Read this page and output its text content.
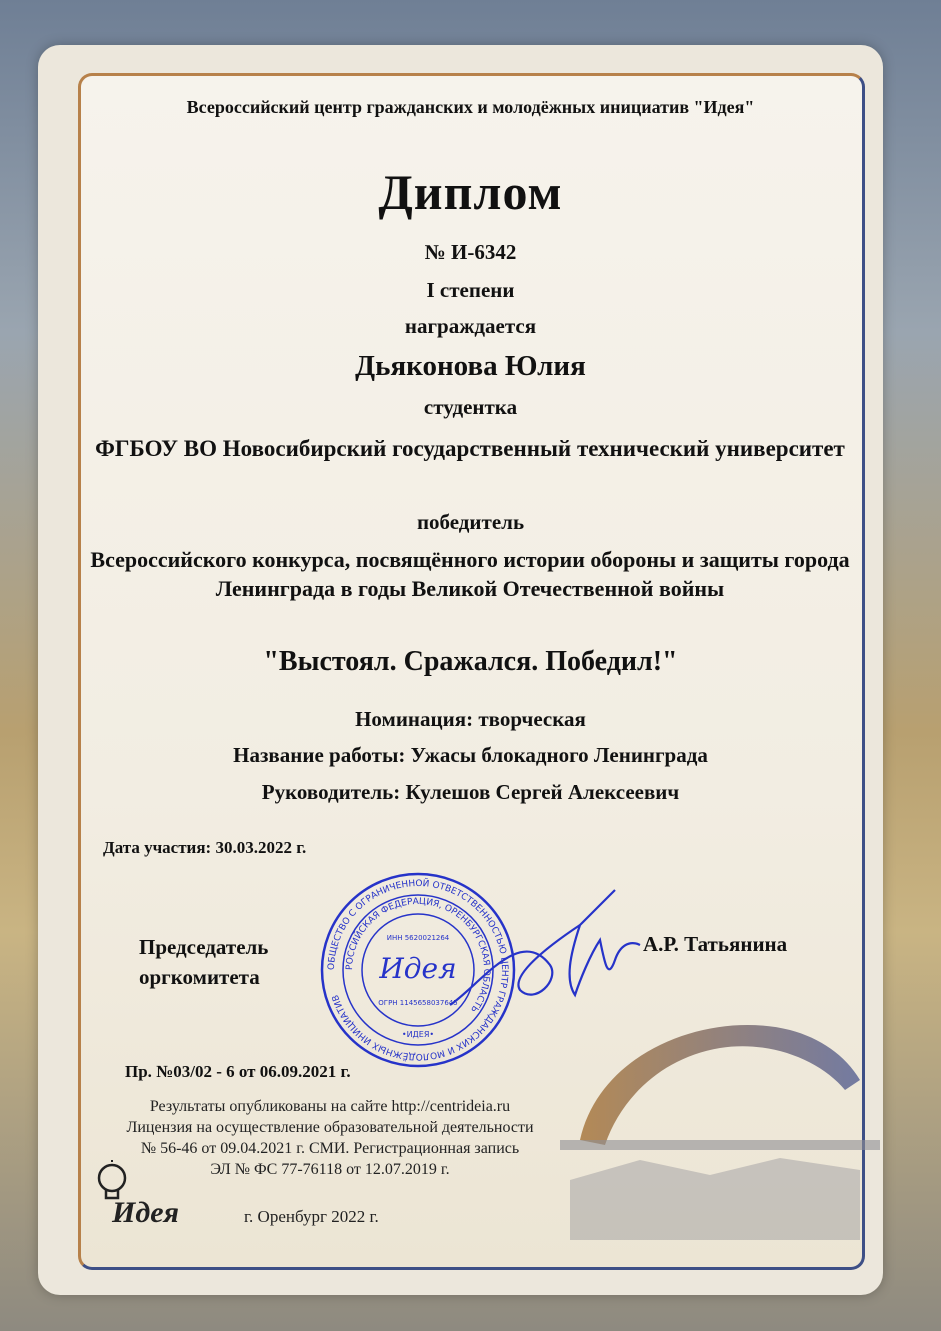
Всероссийский центр гражданских и молодёжных инициатив "Идея"
Диплом
№ И-6342
I степени
награждается
Дьяконова Юлия
студентка
ФГБОУ ВО Новосибирский государственный технический университет
победитель
Всероссийского конкурса, посвящённого истории обороны и защиты города Ленинграда в годы Великой Отечественной войны
"Выстоял. Сражался. Победил!"
Номинация: творческая
Название работы: Ужасы блокадного Ленинграда
Руководитель: Кулешов Сергей Алексеевич
Дата участия: 30.03.2022 г.
Председатель
оргкомитета	ОБЩЕСТВО С ОГРАНИЧЕННОЙ ОТВЕТСТВЕННОСТЬЮ ЦЕНТР ГРАЖДАНСКИХ И МОЛОДЁЖНЫХ ИНИЦИАТИВ
РОССИЙСКАЯ ФЕДЕРАЦИЯ, ОРЕНБУРГСКАЯ ОБЛАСТЬ
Идея
ИНН 5620021264
ОГРН 1145658037645
•ИДЕЯ•
А.Р. Татьянина
Пр. №03/02 - 6 от 06.09.2021 г.
Результаты опубликованы на сайте http://centrideia.ru
Лицензия на осуществление образовательной деятельности
№ 56-46 от 09.04.2021 г. СМИ. Регистрационная запись
ЭЛ № ФС 77-76118 от 12.07.2019 г.
Идея	г. Оренбург 2022 г.
